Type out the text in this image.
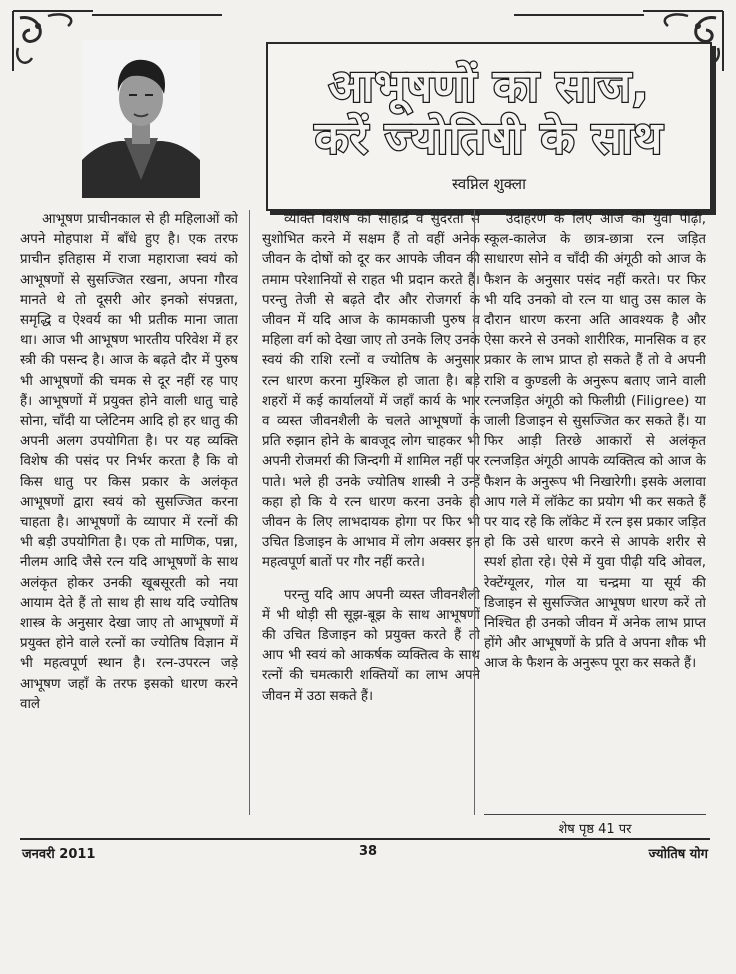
आभूषणों का साज,
करें ज्योतिषी के साथ
स्वप्निल शुक्ला

आभूषण प्राचीनकाल से ही महिलाओं को अपने मोहपाश में बाँधे हुए है। एक तरफ प्राचीन इतिहास में राजा महाराजा स्वयं को आभूषणों से सुसज्जित रखना, अपना गौरव मानते थे तो दूसरी ओर इनको संपन्नता, समृद्धि व ऐश्वर्य का भी प्रतीक माना जाता था। आज भी आभूषण भारतीय परिवेश में हर स्त्री की पसन्द है। आज के बढ़ते दौर में पुरुष भी आभूषणों की चमक से दूर नहीं रह पाए हैं। आभूषणों में प्रयुक्त होने वाली धातु चाहे सोना, चाँदी या प्लेटिनम आदि हो हर धातु की अपनी अलग उपयोगिता है। पर यह व्यक्ति विशेष की पसंद पर निर्भर करता है कि वो किस धातु पर किस प्रकार के अलंकृत आभूषणों द्वारा स्वयं को सुसज्जित करना चाहता है। आभूषणों के व्यापार में रत्नों की भी बड़ी उपयोगिता है। एक तो माणिक, पन्ना, नीलम आदि जैसे रत्न यदि आभूषणों के साथ अलंकृत होकर उनकी खूबसूरती को नया आयाम देते हैं तो साथ ही साथ यदि ज्योतिष शास्त्र के अनुसार देखा जाए तो आभूषणों में प्रयुक्त होने वाले रत्नों का ज्योतिष विज्ञान में भी महत्वपूर्ण स्थान है। रत्न-उपरत्न जड़े आभूषण जहाँ के तरफ इसको धारण करने वाले

व्यक्ति विशेष को सौहार्द्र व सुंदरता से सुशोभित करने में सक्षम हैं तो वहीं अनेक जीवन के दोषों को दूर कर आपके जीवन की तमाम परेशानियों से राहत भी प्रदान करते हैं। परन्तु तेजी से बढ़ते दौर और रोजगर्रा के जीवन में यदि आज के कामकाजी पुरुष व महिला वर्ग को देखा जाए तो उनके लिए उनके स्वयं की राशि रत्नों व ज्योतिष के अनुसार रत्न धारण करना मुश्किल हो जाता है। बड़े शहरों में कई कार्यालयों में जहाँ कार्य के भार व व्यस्त जीवनशैली के चलते आभूषणों के प्रति रुझान होने के बावजूद लोग चाहकर भी अपनी रोजमर्रा की जिन्दगी में शामिल नहीं पर पाते। भले ही उनके ज्योतिष शास्त्री ने उन्हें कहा हो कि ये रत्न धारण करना उनके ही जीवन के लिए लाभदायक होगा पर फिर भी उचित डिजाइन के आभाव में लोग अक्सर इन महत्वपूर्ण बातों पर गौर नहीं करते।

परन्तु यदि आप अपनी व्यस्त जीवनशैली में भी थोड़ी सी सूझ-बूझ के साथ आभूषणों की उचित डिजाइन को प्रयुक्त करते हैं तो आप भी स्वयं को आकर्षक व्यक्तित्व के साथ रत्नों की चमत्कारी शक्तियों का लाभ अपने जीवन में उठा सकते हैं।

उदाहरण के लिए आज की युवा पीढ़ी, स्कूल-कालेज के छात्र-छात्रा रत्न जड़ित साधारण सोने व चाँदी की अंगूठी को आज के फैशन के अनुसार पसंद नहीं करते। पर फिर भी यदि उनको वो रत्न या धातु उस काल के दौरान धारण करना अति आवश्यक है और ऐसा करने से उनको शारीरिक, मानसिक व हर प्रकार के लाभ प्राप्त हो सकते हैं तो वे अपनी राशि व कुण्डली के अनुरूप बताए जाने वाली रत्नजड़ित अंगूठी को फिलीग्री (Filigree) या जाली डिजाइन से सुसज्जित कर सकते हैं। या फिर आड़ी तिरछे आकारों से अलंकृत रत्नजड़ित अंगूठी आपके व्यक्तित्व को आज के फैशन के अनुरूप भी निखारेगी। इसके अलावा आप गले में लॉकेट का प्रयोग भी कर सकते हैं पर याद रहे कि लॉकेट में रत्न इस प्रकार जड़ित हो कि उसे धारण करने से आपके शरीर से स्पर्श होता रहे। ऐसे में युवा पीढ़ी यदि ओवल, रेक्टेंग्यूलर, गोल या चन्द्रमा या सूर्य की डिजाइन से सुसज्जित आभूषण धारण करें तो निश्चित ही उनको जीवन में अनेक लाभ प्राप्त होंगे और आभूषणों के प्रति वे अपना शौक भी आज के फैशन के अनुरूप पूरा कर सकते हैं।

शेष पृष्ठ 41 पर
जनवरी 2011	38	ज्योतिष योग
